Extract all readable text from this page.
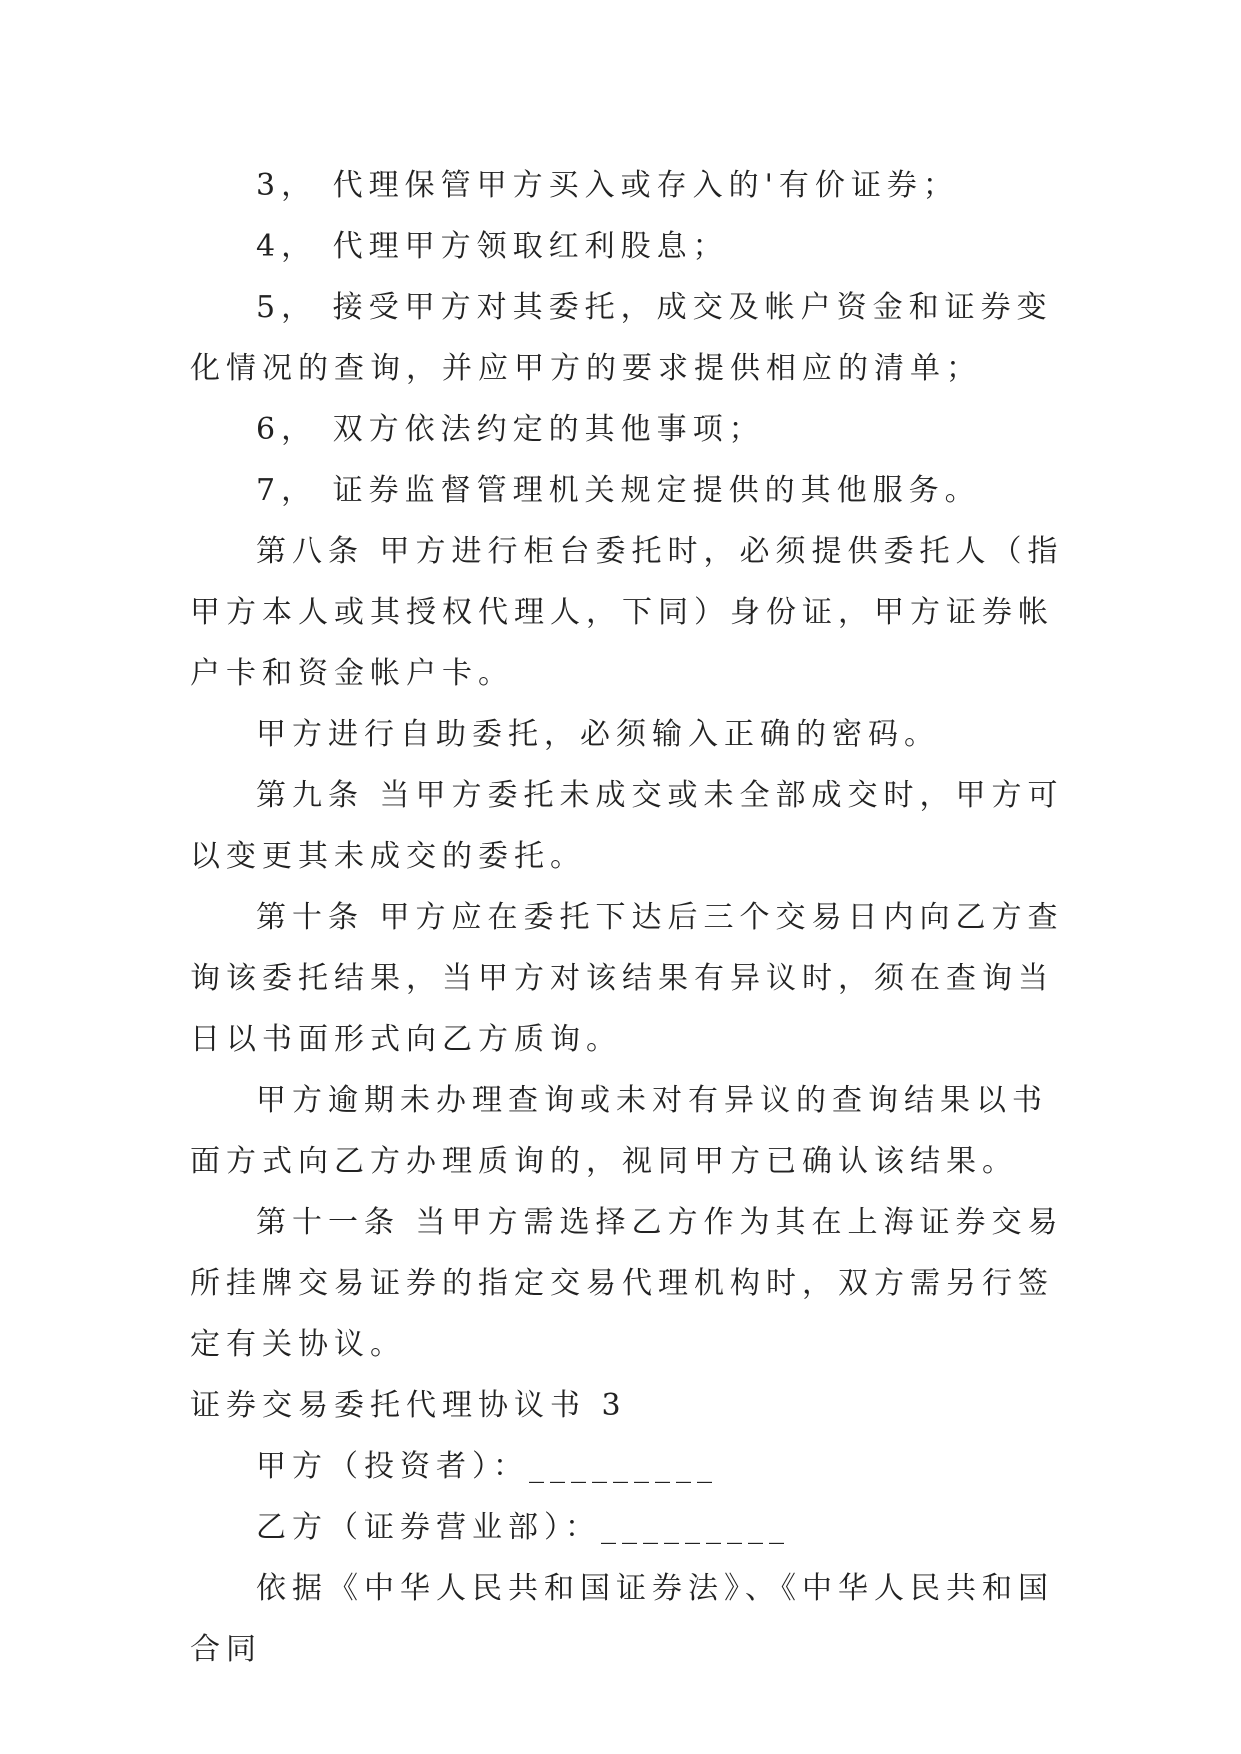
3， 代理保管甲方买入或存入的'有价证券；

4， 代理甲方领取红利股息；

5， 接受甲方对其委托，成交及帐户资金和证券变化情况的查询，并应甲方的要求提供相应的清单；

6， 双方依法约定的其他事项；

7， 证券监督管理机关规定提供的其他服务。

第八条 甲方进行柜台委托时，必须提供委托人（指甲方本人或其授权代理人，下同）身份证，甲方证券帐户卡和资金帐户卡。

甲方进行自助委托，必须输入正确的密码。

第九条 当甲方委托未成交或未全部成交时，甲方可以变更其未成交的委托。

第十条 甲方应在委托下达后三个交易日内向乙方查询该委托结果，当甲方对该结果有异议时，须在查询当日以书面形式向乙方质询。

甲方逾期未办理查询或未对有异议的查询结果以书面方式向乙方办理质询的，视同甲方已确认该结果。

第十一条 当甲方需选择乙方作为其在上海证券交易所挂牌交易证券的指定交易代理机构时，双方需另行签定有关协议。

证券交易委托代理协议书 3

甲方（投资者）：_________

乙方（证券营业部）：_________

依据《中华人民共和国证券法》、《中华人民共和国合同
